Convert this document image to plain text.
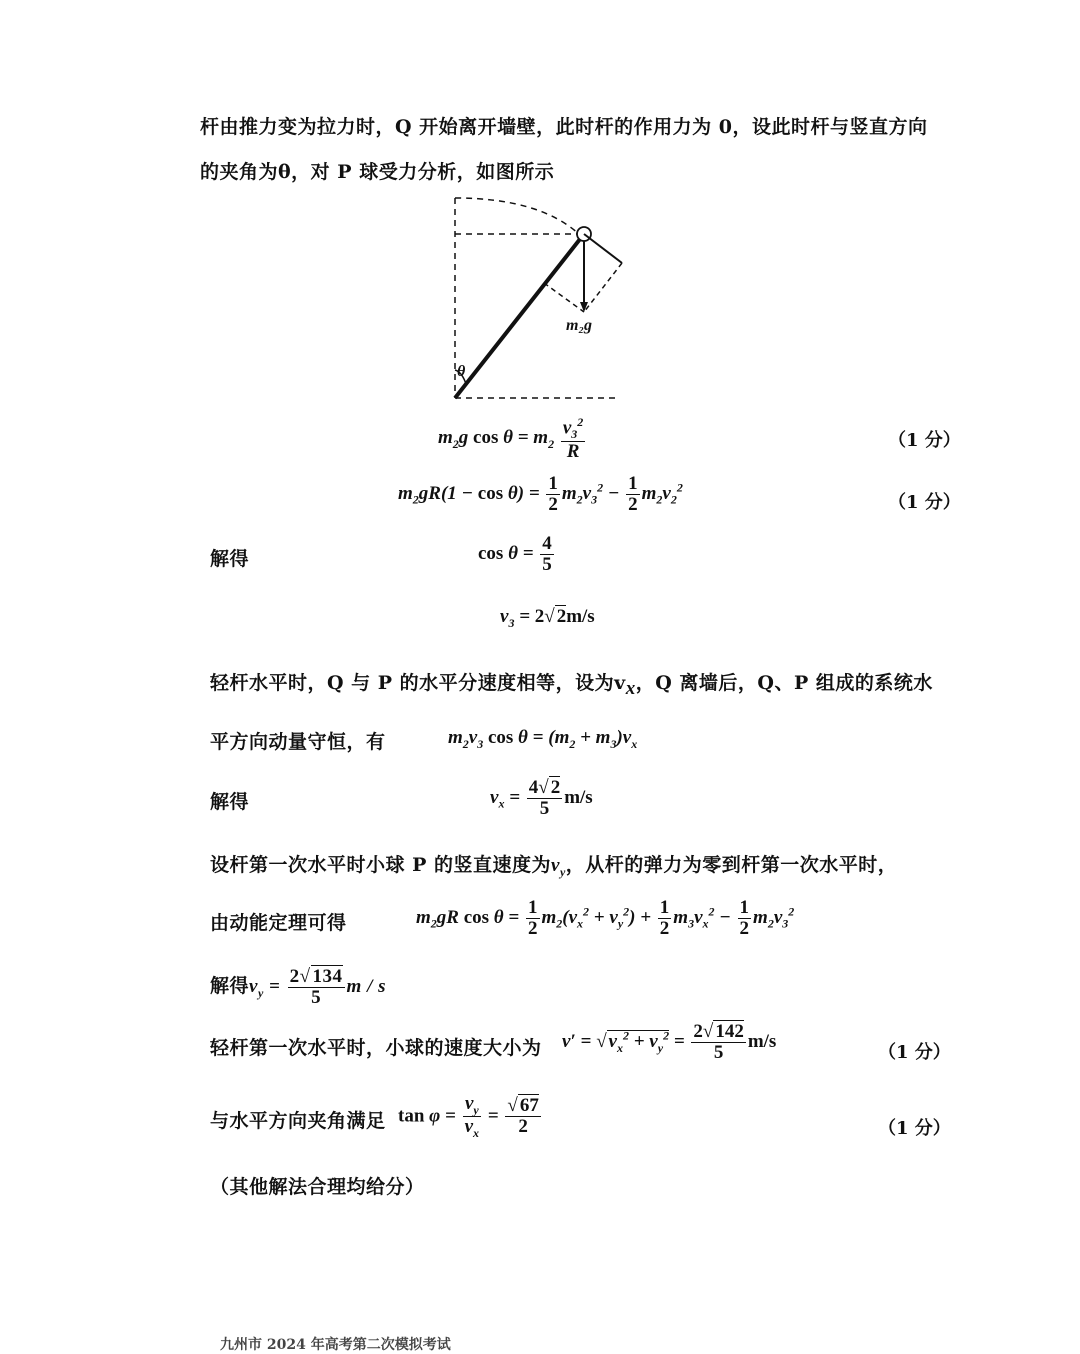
杆由推力变为拉力时，Q 开始离开墙壁，此时杆的作用力为 0，设此时杆与竖直方向
的夹角为θ，对 P 球受力分析，如图所示
m₂g
θ
$m_2g$ $\cos \theta = m_2 \frac{v_3^2}{R}$	（1 分）
$m_2gR(1 - \cos \theta) = \frac{1}{2} m_2v_3^2 - \frac{1}{2} m_2v_2^2$
（1 分）
解得	$\cos \theta = \frac{4}{5}$
$v_3 = 2√$ 2m/s
轻杆水平时，Q 与 P 的水平分速度相等，设为$v_x$，Q 离墙后，Q、P 组成的系统水
平方向动量守恒，有	$m_2v_3$ $\cos \theta = (m_2 + m_3)v_x$
解得	$v_x = \frac{4√ 2}{5} m/s$
设杆第一次水平时小球 P 的竖直速度为$v_y$，从杆的弹力为零到杆第一次水平时，
由动能定理可得	$m_2gR$ $\cos \theta = \frac{1}{2} m_2(v_x^2 + v_y^2) + \frac{1}{2} m_3v_x^2 - \frac{1}{2} m_2v_3^2$
解得$v_y = \frac{2√ 134}{5}$ m / s
轻杆第一次水平时，小球的速度大小为 v′ = √ $v_x^2 + v_y^2 = \frac{2√ 142}{5} m/s$
（1 分）
与水平方向夹角满足 $\tan \varphi = \frac{v_y}{v_x} = \frac{√ 67}{2}$	（1 分）
（其他解法合理均给分）
九州市 2024 年高考第二次模拟考试
